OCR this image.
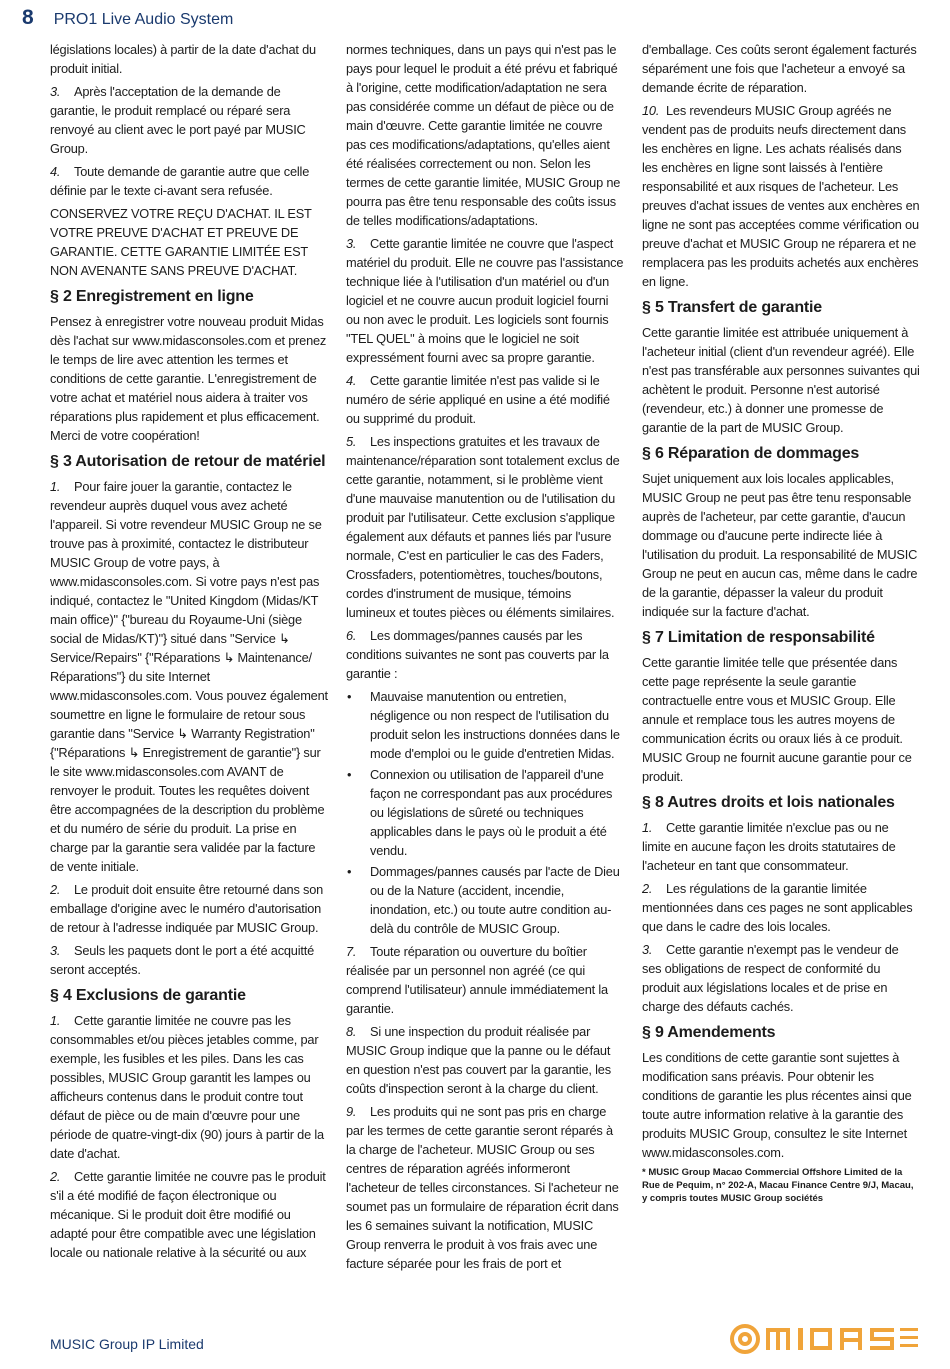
8 PRO1 Live Audio System

législations locales) à partir de la date d'achat du produit initial.

3. Après l'acceptation de la demande de garantie, le produit remplacé ou réparé sera renvoyé au client avec le port payé par MUSIC Group.

4. Toute demande de garantie autre que celle définie par le texte ci-avant sera refusée.

CONSERVEZ VOTRE REÇU D'ACHAT. IL EST VOTRE PREUVE D'ACHAT ET PREUVE DE GARANTIE. CETTE GARANTIE LIMITÉE EST NON AVENANTE SANS PREUVE D'ACHAT.

§ 2 Enregistrement en ligne

Pensez à enregistrer votre nouveau produit Midas dès l'achat sur www.midasconsoles.com et prenez le temps de lire avec attention les termes et conditions de cette garantie. L'enregistrement de votre achat et matériel nous aidera à traiter vos réparations plus rapidement et plus efficacement. Merci de votre coopération!

§ 3 Autorisation de retour de matériel

1. Pour faire jouer la garantie, contactez le revendeur auprès duquel vous avez acheté l'appareil. Si votre revendeur MUSIC Group ne se trouve pas à proximité, contactez le distributeur MUSIC Group de votre pays, à www.midasconsoles.com. Si votre pays n'est pas indiqué, contactez le "United Kingdom (Midas/KT main office)" {"bureau du Royaume-Uni (siège social de Midas/KT)"} situé dans "Service ↳ Service/Repairs" {"Réparations ↳ Maintenance/ Réparations"} du site Internet www.midasconsoles.com. Vous pouvez également soumettre en ligne le formulaire de retour sous garantie dans "Service ↳ Warranty Registration" {"Réparations ↳ Enregistrement de garantie"} sur le site www.midasconsoles.com AVANT de renvoyer le produit. Toutes les requêtes doivent être accompagnées de la description du problème et du numéro de série du produit. La prise en charge par la garantie sera validée par la facture de vente initiale.

2. Le produit doit ensuite être retourné dans son emballage d'origine avec le numéro d'autorisation de retour à l'adresse indiquée par MUSIC Group.

3. Seuls les paquets dont le port a été acquitté seront acceptés.

§ 4 Exclusions de garantie

1. Cette garantie limitée ne couvre pas les consommables et/ou pièces jetables comme, par exemple, les fusibles et les piles. Dans les cas possibles, MUSIC Group garantit les lampes ou afficheurs contenus dans le produit contre tout défaut de pièce ou de main d'œuvre pour une période de quatre-vingt-dix (90) jours à partir de la date d'achat.

2. Cette garantie limitée ne couvre pas le produit s'il a été modifié de façon électronique ou mécanique. Si le produit doit être modifié ou adapté pour être compatible avec une législation locale ou nationale relative à la sécurité ou aux

normes techniques, dans un pays qui n'est pas le pays pour lequel le produit a été prévu et fabriqué à l'origine, cette modification/adaptation ne sera pas considérée comme un défaut de pièce ou de main d'œuvre. Cette garantie limitée ne couvre pas ces modifications/adaptations, qu'elles aient été réalisées correctement ou non. Selon les termes de cette garantie limitée, MUSIC Group ne pourra pas être tenu responsable des coûts issus de telles modifications/adaptations.

3. Cette garantie limitée ne couvre que l'aspect matériel du produit. Elle ne couvre pas l'assistance technique liée à l'utilisation d'un matériel ou d'un logiciel et ne couvre aucun produit logiciel fourni ou non avec le produit. Les logiciels sont fournis "TEL QUEL" à moins que le logiciel ne soit expressément fourni avec sa propre garantie.

4. Cette garantie limitée n'est pas valide si le numéro de série appliqué en usine a été modifié ou supprimé du produit.

5. Les inspections gratuites et les travaux de maintenance/réparation sont totalement exclus de cette garantie, notamment, si le problème vient d'une mauvaise manutention ou de l'utilisation du produit par l'utilisateur. Cette exclusion s'applique également aux défauts et pannes liés par l'usure normale, C'est en particulier le cas des Faders, Crossfaders, potentiomètres, touches/boutons, cordes d'instrument de musique, témoins lumineux et toutes pièces ou éléments similaires.

6. Les dommages/pannes causés par les conditions suivantes ne sont pas couverts par la garantie :

• Mauvaise manutention ou entretien, négligence ou non respect de l'utilisation du produit selon les instructions données dans le mode d'emploi ou le guide d'entretien Midas.
• Connexion ou utilisation de l'appareil d'une façon ne correspondant pas aux procédures ou législations de sûreté ou techniques applicables dans le pays où le produit a été vendu.
• Dommages/pannes causés par l'acte de Dieu ou de la Nature (accident, incendie, inondation, etc.) ou toute autre condition au-delà du contrôle de MUSIC Group.

7. Toute réparation ou ouverture du boîtier réalisée par un personnel non agréé (ce qui comprend l'utilisateur) annule immédiatement la garantie.

8. Si une inspection du produit réalisée par MUSIC Group indique que la panne ou le défaut en question n'est pas couvert par la garantie, les coûts d'inspection seront à la charge du client.

9. Les produits qui ne sont pas pris en charge par les termes de cette garantie seront réparés à la charge de l'acheteur. MUSIC Group ou ses centres de réparation agréés informeront l'acheteur de telles circonstances. Si l'acheteur ne soumet pas un formulaire de réparation écrit dans les 6 semaines suivant la notification, MUSIC Group renverra le produit à vos frais avec une facture séparée pour les frais de port et

d'emballage. Ces coûts seront également facturés séparément une fois que l'acheteur a envoyé sa demande écrite de réparation.

10. Les revendeurs MUSIC Group agréés ne vendent pas de produits neufs directement dans les enchères en ligne. Les achats réalisés dans les enchères en ligne sont laissés à l'entière responsabilité et aux risques de l'acheteur. Les preuves d'achat issues de ventes aux enchères en ligne ne sont pas acceptées comme vérification ou preuve d'achat et MUSIC Group ne réparera et ne remplacera pas les produits achetés aux enchères en ligne.

§ 5 Transfert de garantie

Cette garantie limitée est attribuée uniquement à l'acheteur initial (client d'un revendeur agréé). Elle n'est pas transférable aux personnes suivantes qui achètent le produit. Personne n'est autorisé (revendeur, etc.) à donner une promesse de garantie de la part de MUSIC Group.

§ 6 Réparation de dommages

Sujet uniquement aux lois locales applicables, MUSIC Group ne peut pas être tenu responsable auprès de l'acheteur, par cette garantie, d'aucun dommage ou d'aucune perte indirecte liée à l'utilisation du produit. La responsabilité de MUSIC Group ne peut en aucun cas, même dans le cadre de la garantie, dépasser la valeur du produit indiquée sur la facture d'achat.

§ 7 Limitation de responsabilité

Cette garantie limitée telle que présentée dans cette page représente la seule garantie contractuelle entre vous et MUSIC Group. Elle annule et remplace tous les autres moyens de communication écrits ou oraux liés à ce produit. MUSIC Group ne fournit aucune garantie pour ce produit.

§ 8 Autres droits et lois nationales

1. Cette garantie limitée n'exclue pas ou ne limite en aucune façon les droits statutaires de l'acheteur en tant que consommateur.

2. Les régulations de la garantie limitée mentionnées dans ces pages ne sont applicables que dans le cadre des lois locales.

3. Cette garantie n'exempt pas le vendeur de ses obligations de respect de conformité du produit aux législations locales et de prise en charge des défauts cachés.

§ 9 Amendements

Les conditions de cette garantie sont sujettes à modification sans préavis. Pour obtenir les conditions de garantie les plus récentes ainsi que toute autre information relative à la garantie des produits MUSIC Group, consultez le site Internet www.midasconsoles.com.

* MUSIC Group Macao Commercial Offshore Limited de la Rue de Pequim, n° 202-A, Macau Finance Centre 9/J, Macau, y compris toutes MUSIC Group sociétés

MUSIC Group IP Limited
